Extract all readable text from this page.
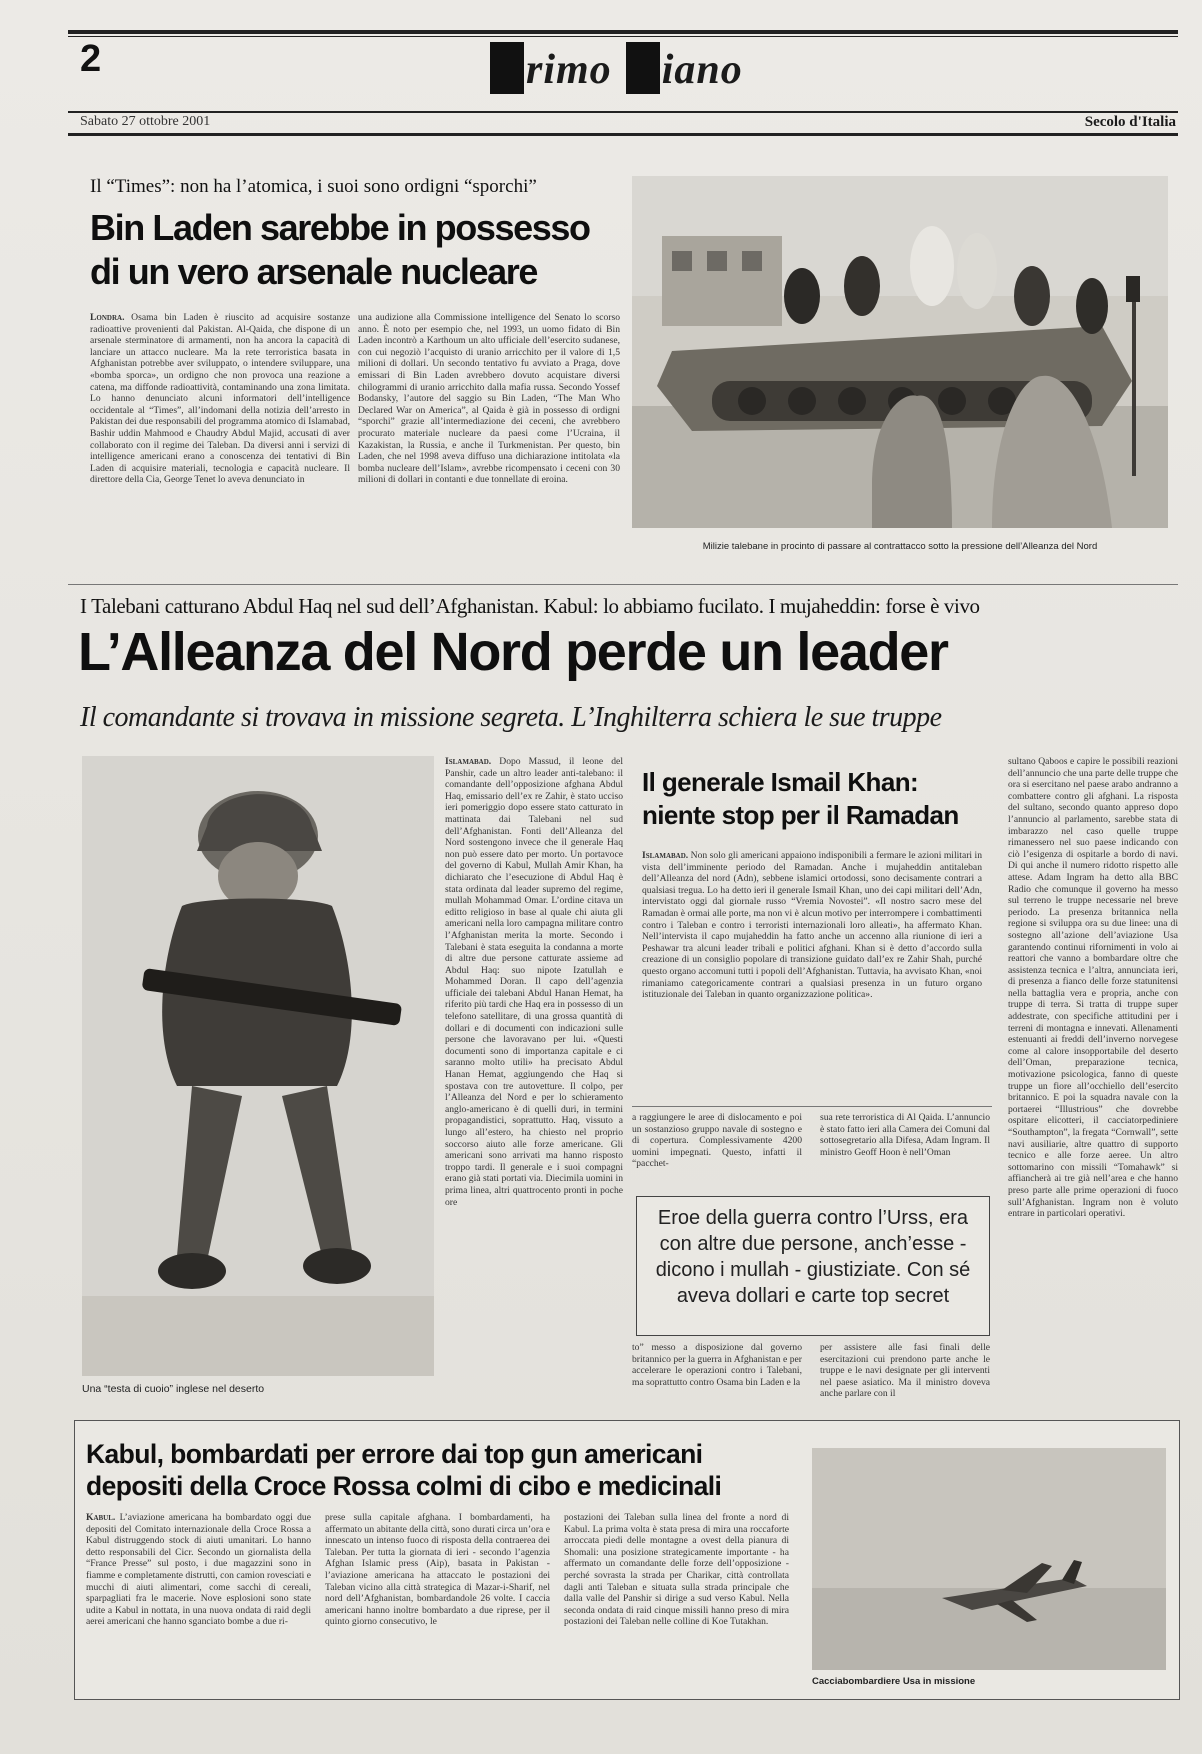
2	rimo iano
Sabato 27 ottobre 2001	Secolo d'Italia
Il “Times”: non ha l’atomica, i suoi sono ordigni “sporchi”
Bin Laden sarebbe in possesso
di un vero arsenale nucleare

Londra. Osama bin Laden è riuscito ad acquisire sostanze radioattive provenienti dal Pakistan. Al-Qaida, che dispone di un arsenale sterminatore di armamenti, non ha ancora la capacità di lanciare un attacco nucleare. Ma la rete terroristica basata in Afghanistan potrebbe aver sviluppato, o intendere sviluppare, una «bomba sporca», un ordigno che non provoca una reazione a catena, ma diffonde radioattività, contaminando una zona limitata. Lo hanno denunciato alcuni informatori dell’intelligence occidentale al “Times”, all’indomani della notizia dell’arresto in Pakistan dei due responsabili del programma atomico di Islamabad, Bashir uddin Mahmood e Chaudry Abdul Majid, accusati di aver collaborato con il regime dei Taleban. Da diversi anni i servizi di intelligence americani erano a conoscenza dei tentativi di Bin Laden di acquisire materiali, tecnologia e capacità nucleare. Il direttore della Cia, George Tenet lo aveva denunciato in

una audizione alla Commissione intelligence del Senato lo scorso anno. È noto per esempio che, nel 1993, un uomo fidato di Bin Laden incontrò a Karthoum un alto ufficiale dell’esercito sudanese, con cui negoziò l’acquisto di uranio arricchito per il valore di 1,5 milioni di dollari. Un secondo tentativo fu avviato a Praga, dove emissari di Bin Laden avrebbero dovuto acquistare diversi chilogrammi di uranio arricchito dalla mafia russa. Secondo Yossef Bodansky, l’autore del saggio su Bin Laden, “The Man Who Declared War on America”, al Qaida è già in possesso di ordigni “sporchi” grazie all’intermediazione dei ceceni, che avrebbero procurato materiale nucleare da paesi come l’Ucraina, il Kazakistan, la Russia, e anche il Turkmenistan. Per questo, bin Laden, che nel 1998 aveva diffuso una dichiarazione intitolata «la bomba nucleare dell’Islam», avrebbe ricompensato i ceceni con 30 milioni di dollari in contanti e due tonnellate di eroina.

Milizie talebane in procinto di passare al contrattacco sotto la pressione dell’Alleanza del Nord
I Talebani catturano Abdul Haq nel sud dell’Afghanistan. Kabul: lo abbiamo fucilato. I mujaheddin: forse è vivo
L’Alleanza del Nord perde un leader
Il comandante si trovava in missione segreta. L’Inghilterra schiera le sue truppe
Una “testa di cuoio” inglese nel deserto

Islamabad. Dopo Massud, il leone del Panshir, cade un altro leader anti-talebano: il comandante dell’opposizione afghana Abdul Haq, emissario dell’ex re Zahir, è stato ucciso ieri pomeriggio dopo essere stato catturato in mattinata dai Talebani nel sud dell’Afghanistan. Fonti dell’Alleanza del Nord sostengono invece che il generale Haq non può essere dato per morto. Un portavoce del governo di Kabul, Mullah Amir Khan, ha dichiarato che l’esecuzione di Abdul Haq è stata ordinata dal leader supremo del regime, mullah Mohammad Omar. L’ordine citava un editto religioso in base al quale chi aiuta gli americani nella loro campagna militare contro l’Afghanistan merita la morte. Secondo i Talebani è stata eseguita la condanna a morte di altre due persone catturate assieme ad Abdul Haq: suo nipote Izatullah e Mohammed Doran. Il capo dell’agenzia ufficiale dei talebani Abdul Hanan Hemat, ha riferito più tardi che Haq era in possesso di un telefono satellitare, di una grossa quantità di dollari e di documenti con indicazioni sulle persone che lavoravano per lui. «Questi documenti sono di importanza capitale e ci saranno molto utili» ha precisato Abdul Hanan Hemat, aggiungendo che Haq si spostava con tre autovetture. Il colpo, per l’Alleanza del Nord e per lo schieramento anglo-americano è di quelli duri, in termini propagandistici, soprattutto. Haq, vissuto a lungo all’estero, ha chiesto nel proprio soccorso aiuto alle forze americane. Gli americani sono arrivati ma hanno risposto troppo tardi. Il generale e i suoi compagni erano già stati portati via. Diecimila uomini in prima linea, altri quattrocento pronti in poche ore

Il generale Ismail Khan:
niente stop per il Ramadan

Islamabad. Non solo gli americani appaiono indisponibili a fermare le azioni militari in vista dell’imminente periodo del Ramadan. Anche i mujaheddin antitaleban dell’Alleanza del nord (Adn), sebbene islamici ortodossi, sono decisamente contrari a qualsiasi tregua. Lo ha detto ieri il generale Ismail Khan, uno dei capi militari dell’Adn, intervistato oggi dal giornale russo “Vremia Novostei”. «Il nostro sacro mese del Ramadan è ormai alle porte, ma non vi è alcun motivo per interrompere i combattimenti contro i Taleban e contro i terroristi internazionali loro alleati», ha affermato Khan. Nell’intervista il capo mujaheddin ha fatto anche un accenno alla riunione di ieri a Peshawar tra alcuni leader tribali e politici afghani. Khan si è detto d’accordo sulla creazione di un consiglio popolare di transizione guidato dall’ex re Zahir Shah, purché questo organo accomuni tutti i popoli dell’Afghanistan. Tuttavia, ha avvisato Khan, «noi rimaniamo categoricamente contrari a qualsiasi presenza in un futuro organo istituzionale dei Taleban in quanto organizzazione politica».

a raggiungere le aree di dislocamento e poi un sostanzioso gruppo navale di sostegno e di copertura. Complessivamente 4200 uomini impegnati. Questo, infatti il “pacchet-

sua rete terroristica di Al Qaida. L’annuncio è stato fatto ieri alla Camera dei Comuni dal sottosegretario alla Difesa, Adam Ingram. Il ministro Geoff Hoon è nell’Oman

Eroe della guerra contro l’Urss, era con altre due persone, anch’esse - dicono i mullah - giustiziate. Con sé aveva dollari e carte top secret

to” messo a disposizione dal governo britannico per la guerra in Afghanistan e per accelerare le operazioni contro i Talebani, ma soprattutto contro Osama bin Laden e la

per assistere alle fasi finali delle esercitazioni cui prendono parte anche le truppe e le navi designate per gli interventi nel paese asiatico. Ma il ministro doveva anche parlare con il

sultano Qaboos e capire le possibili reazioni dell’annuncio che una parte delle truppe che ora si esercitano nel paese arabo andranno a combattere contro gli afghani. La risposta del sultano, secondo quanto appreso dopo l’annuncio al parlamento, sarebbe stata di imbarazzo nel caso quelle truppe rimanessero nel suo paese indicando con ciò l’esigenza di ospitarle a bordo di navi. Di qui anche il numero ridotto rispetto alle attese. Adam Ingram ha detto alla BBC Radio che comunque il governo ha messo sul terreno le truppe necessarie nel breve periodo. La presenza britannica nella regione si sviluppa ora su due linee: una di sostegno all’azione dell’aviazione Usa garantendo continui rifornimenti in volo ai reattori che vanno a bombardare oltre che assistenza tecnica e l’altra, annunciata ieri, di presenza a fianco delle forze statunitensi nella battaglia vera e propria, anche con truppe di terra. Si tratta di truppe super addestrate, con specifiche attitudini per i terreni di montagna e innevati. Allenamenti estenuanti ai freddi dell’inverno norvegese come al calore insopportabile del deserto dell’Oman, preparazione tecnica, motivazione psicologica, fanno di queste truppe un fiore all’occhiello dell’esercito britannico. E poi la squadra navale con la portaerei “Illustrious” che dovrebbe ospitare elicotteri, il cacciatorpediniere “Southampton”, la fregata “Cornwall”, sette navi ausiliarie, altre quattro di supporto tecnico e alle forze aeree. Un altro sottomarino con missili “Tomahawk” si affiancherà ai tre già nell’area e che hanno preso parte alle prime operazioni di fuoco sull’Afghanistan. Ingram non è voluto entrare in particolari operativi.

Kabul, bombardati per errore dai top gun americani
depositi della Croce Rossa colmi di cibo e medicinali

Kabul. L’aviazione americana ha bombardato oggi due depositi del Comitato internazionale della Croce Rossa a Kabul distruggendo stock di aiuti umanitari. Lo hanno detto responsabili del Cicr. Secondo un giornalista della “France Presse” sul posto, i due magazzini sono in fiamme e completamente distrutti, con camion rovesciati e mucchi di aiuti alimentari, come sacchi di cereali, sparpagliati fra le macerie. Nove esplosioni sono state udite a Kabul in nottata, in una nuova ondata di raid degli aerei americani che hanno sganciato bombe a due ri-

prese sulla capitale afghana. I bombardamenti, ha affermato un abitante della città, sono durati circa un’ora e innescato un intenso fuoco di risposta della contraerea dei Taleban. Per tutta la giornata di ieri - secondo l’agenzia Afghan Islamic press (Aip), basata in Pakistan - l’aviazione americana ha attaccato le postazioni dei Taleban vicino alla città strategica di Mazar-i-Sharif, nel nord dell’Afghanistan, bombardandole 26 volte. I caccia americani hanno inoltre bombardato a due riprese, per il quinto giorno consecutivo, le

postazioni dei Taleban sulla linea del fronte a nord di Kabul. La prima volta è stata presa di mira una roccaforte arroccata piedi delle montagne a ovest della pianura di Shomali: una posizione strategicamente importante - ha affermato un comandante delle forze dell’opposizione - perché sovrasta la strada per Charikar, città controllata dagli anti Taleban e situata sulla strada principale che dalla valle del Panshir si dirige a sud verso Kabul. Nella seconda ondata di raid cinque missili hanno preso di mira postazioni dei Taleban nelle colline di Koe Tutakhan.

Cacciabombardiere Usa in missione
